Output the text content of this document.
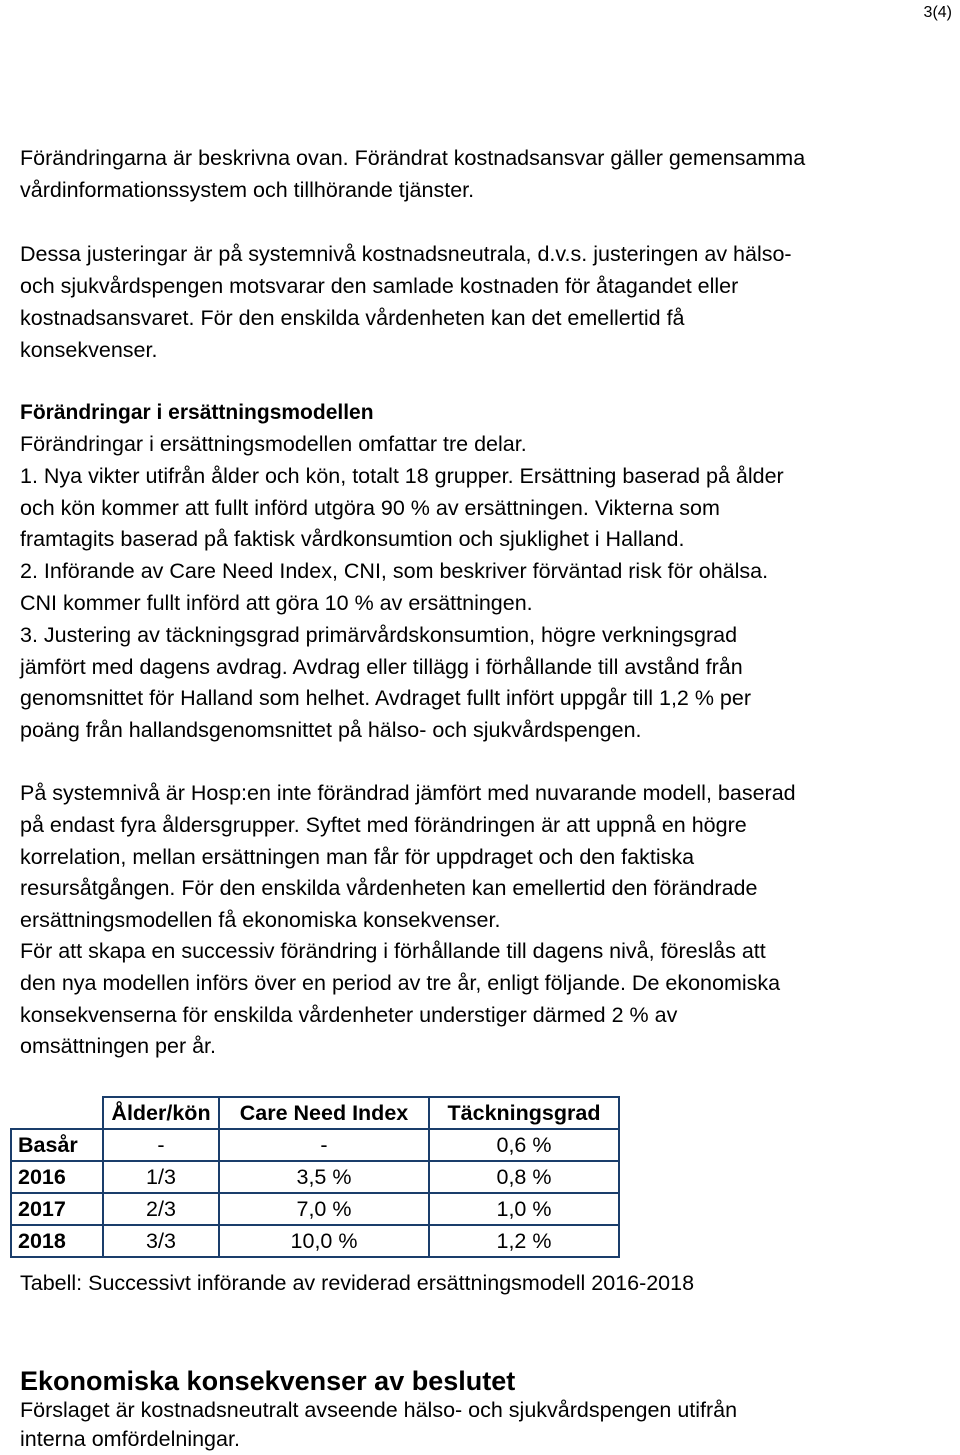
3(4)
Förändringarna är beskrivna ovan. Förändrat kostnadsansvar gäller gemensamma
vårdinformationssystem och tillhörande tjänster.
Dessa justeringar är på systemnivå kostnadsneutrala, d.v.s. justeringen av hälso-
och sjukvårdspengen motsvarar den samlade kostnaden för åtagandet eller
kostnadsansvaret. För den enskilda vårdenheten kan det emellertid få
konsekvenser.
Förändringar i ersättningsmodellen
Förändringar i ersättningsmodellen omfattar tre delar.
1. Nya vikter utifrån ålder och kön, totalt 18 grupper. Ersättning baserad på ålder
och kön kommer att fullt införd utgöra 90 % av ersättningen. Vikterna som
framtagits baserad på faktisk vårdkonsumtion och sjuklighet i Halland.
2. Införande av Care Need Index, CNI, som beskriver förväntad risk för ohälsa.
CNI kommer fullt införd att göra 10 % av ersättningen.
3. Justering av täckningsgrad primärvårdskonsumtion, högre verkningsgrad
jämfört med dagens avdrag. Avdrag eller tillägg i förhållande till avstånd från
genomsnittet för Halland som helhet. Avdraget fullt infört uppgår till 1,2 % per
poäng från hallandsgenomsnittet på hälso- och sjukvårdspengen.
På systemnivå är Hosp:en inte förändrad jämfört med nuvarande modell, baserad
på endast fyra åldersgrupper. Syftet med förändringen är att uppnå en högre
korrelation, mellan ersättningen man får för uppdraget och den faktiska
resursåtgången. För den enskilda vårdenheten kan emellertid den förändrade
ersättningsmodellen få ekonomiska konsekvenser.
För att skapa en successiv förändring i förhållande till dagens nivå, föreslås att
den nya modellen införs över en period av tre år, enligt följande. De ekonomiska
konsekvenserna för enskilda vårdenheter understiger därmed 2 % av
omsättningen per år.
	Ålder/kön	Care Need Index	Täckningsgrad
Basår	-	-	0,6 %
2016	1/3	3,5 %	0,8 %
2017	2/3	7,0 %	1,0 %
2018	3/3	10,0 %	1,2 %
Tabell: Successivt införande av reviderad ersättningsmodell 2016-2018
Ekonomiska konsekvenser av beslutet
Förslaget är kostnadsneutralt avseende hälso- och sjukvårdspengen utifrån
interna omfördelningar.
